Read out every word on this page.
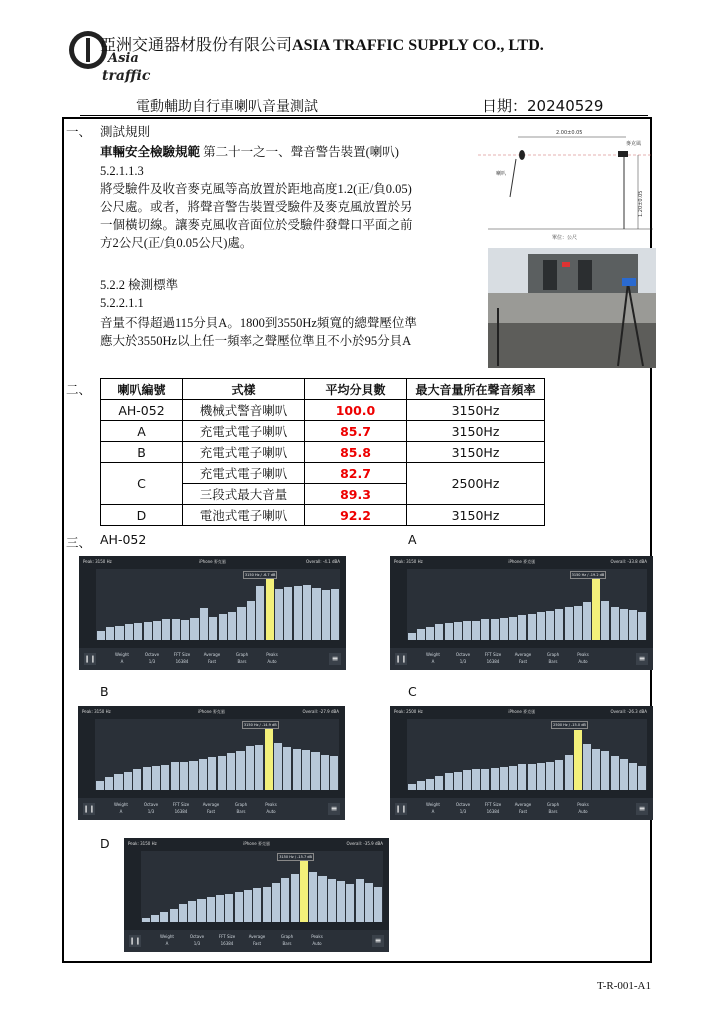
Asia
traffic
亞洲交通器材股份有限公司ASIA TRAFFIC SUPPLY CO., LTD.
電動輔助自行車喇叭音量測試	日期：20240529
一、 測試規則
車輛安全檢驗規範 第二十一之一、聲音警告裝置(喇叭)
5.2.1.1.3
將受驗件及收音麥克風等高放置於距地高度1.2(正/負0.05)
公尺處。或者，將聲音警告裝置受驗件及麥克風放置於另
一個橫切線。讓麥克風收音面位於受驗件發聲口平面之前
方2公尺(正/負0.05公尺)處。
5.2.2 檢測標準
5.2.2.1.1
音量不得超過115分貝A。1800到3550Hz頻寬的總聲壓位準
應大於3550Hz以上任一頻率之聲壓位準且不小於95分貝A
2.00±0.05
1.20±0.05
麥克風
喇叭
單位：公尺
二、 喇叭編號	式樣	平均分貝數	最大音量所在聲音頻率
AH-052	機械式警音喇叭	100.0	3150Hz
A	充電式電子喇叭	85.7	3150Hz
B	充電式電子喇叭	85.8	3150Hz
C	充電式電子喇叭	82.7	2500Hz
	三段式最大音量	89.3	
D	電池式電子喇叭	92.2	3150Hz
三、 AH-052	A
B	C
D
Peak: 3150 Hz	iPhone 麥克風	Overall: -4.1 dBA
3150 Hz / -6.7 dB
❙❙
Weight
A
Octave
1/3
FFT Size
16384
Average
Fast
Graph
Bars
Peaks
Auto	≡
Peak: 3150 Hz	iPhone 麥克風	Overall: -33.8 dBA
3150 Hz / -19.2 dB
❙❙
Weight
A
Octave
1/3
FFT Size
16384
Average
Fast
Graph
Bars
Peaks
Auto	≡
Peak: 3150 Hz	iPhone 麥克風	Overall: -27.9 dBA
3150 Hz / -14.9 dB
❙❙
Weight
A
Octave
1/3
FFT Size
16384
Average
Fast
Graph
Bars
Peaks
Auto	≡
Peak: 2500 Hz	iPhone 麥克風	Overall: -26.3 dBA
2500 Hz / -15.0 dB
❙❙
Weight
A
Octave
1/3
FFT Size
16384
Average
Fast
Graph
Bars
Peaks
Auto	≡
Peak: 3150 Hz	iPhone 麥克風	Overall: -35.9 dBA
3150 Hz / -15.7 dB
❙❙
Weight
A
Octave
1/3
FFT Size
16384
Average
Fast
Graph
Bars
Peaks
Auto	≡
T-R-001-A1
